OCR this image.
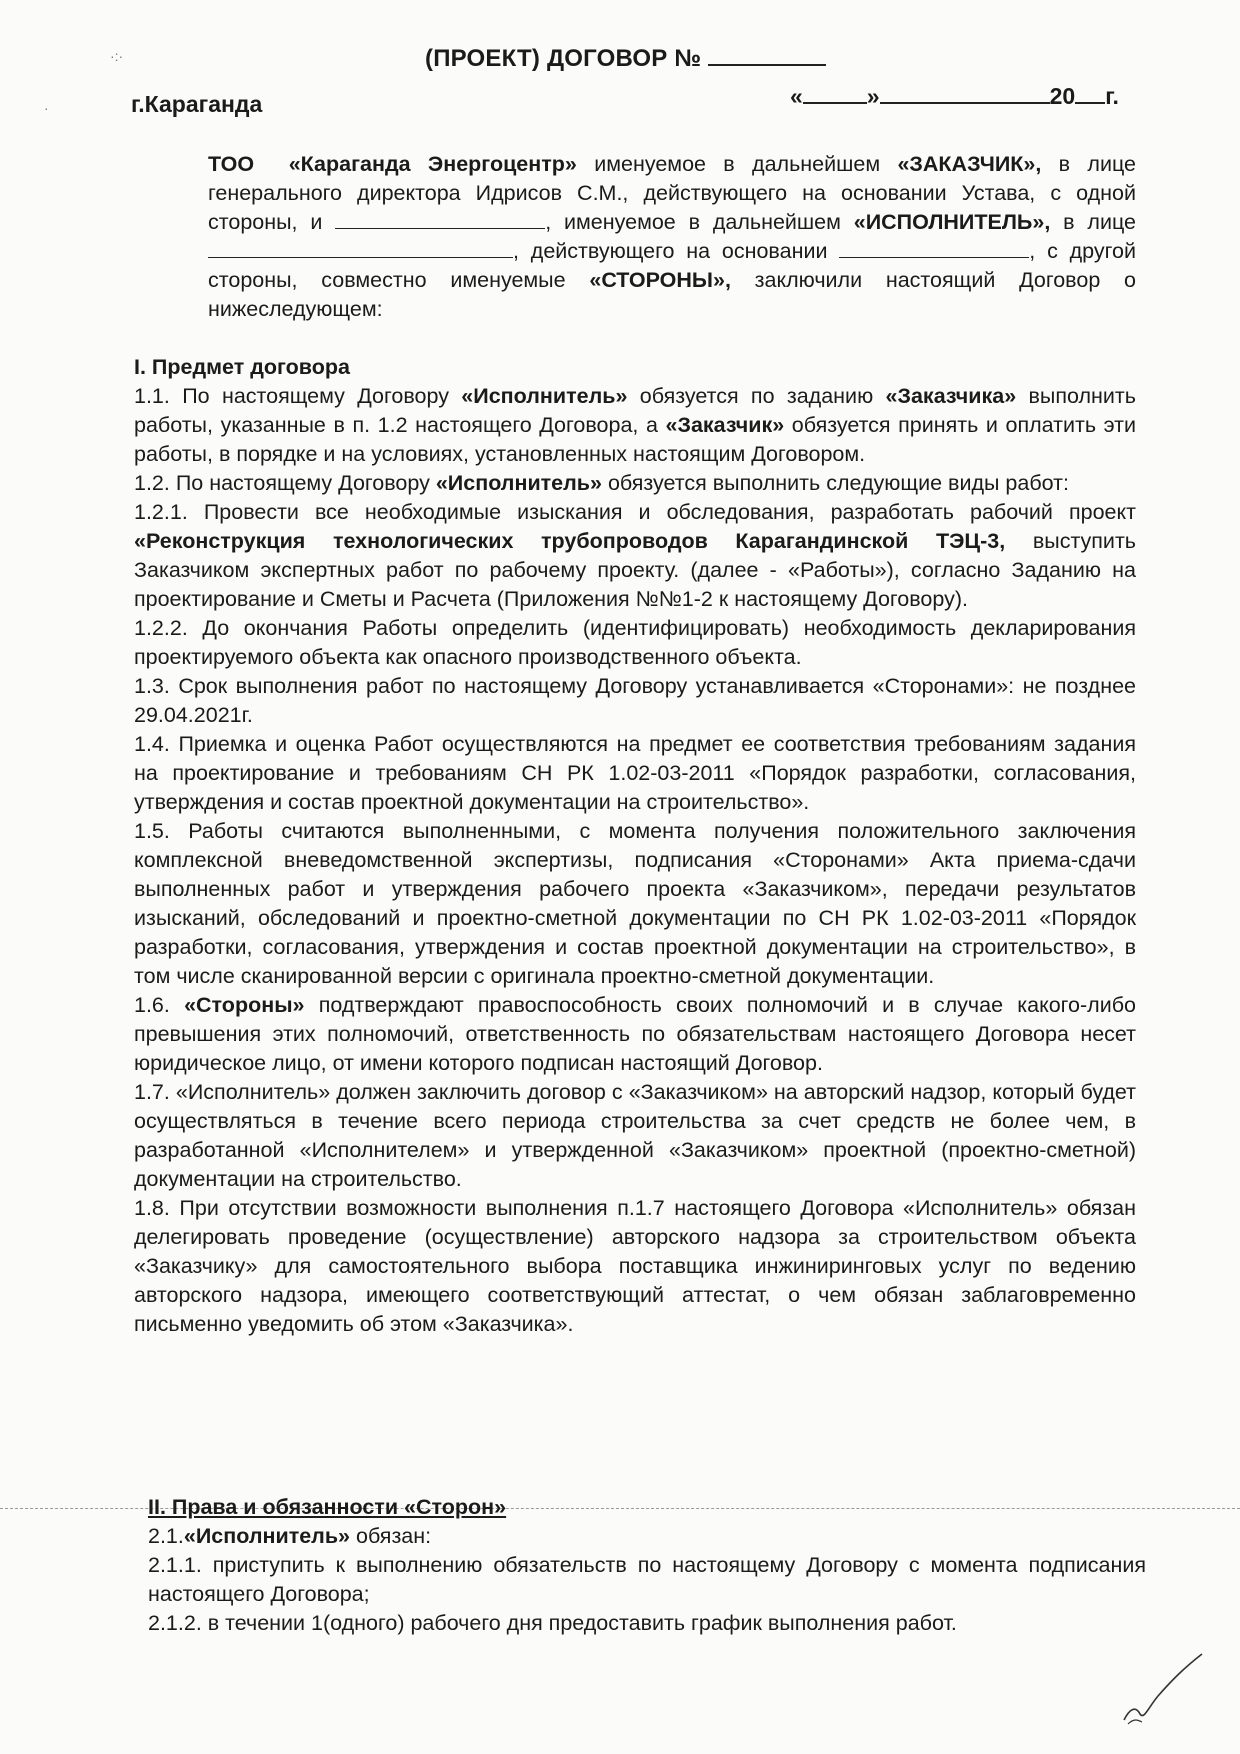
·:·
·
(ПРОЕКТ) ДОГОВОР №
г.Караганда	«	»	20 г.

ТОО «Караганда Энергоцентр» именуемое в дальнейшем «ЗАКАЗЧИК», в лице генерального директора Идрисов С.М., действующего на основании Устава, с одной стороны, и	, именуемое в дальнейшем «ИСПОЛНИТЕЛЬ», в лице , действующего на основании	, с другой стороны, совместно именуемые «СТОРОНЫ», заключили настоящий Договор о нижеследующем:

I. Предмет договора

1.1. По настоящему Договору «Исполнитель» обязуется по заданию «Заказчика» выполнить работы, указанные в п. 1.2 настоящего Договора, а «Заказчик» обязуется принять и оплатить эти работы, в порядке и на условиях, установленных настоящим Договором.

1.2. По настоящему Договору «Исполнитель» обязуется выполнить следующие виды работ:

1.2.1. Провести все необходимые изыскания и обследования, разработать рабочий проект «Реконструкция технологических трубопроводов Карагандинской ТЭЦ-3, выступить Заказчиком экспертных работ по рабочему проекту. (далее - «Работы»), согласно Заданию на проектирование и Сметы и Расчета (Приложения №№1-2 к настоящему Договору).

1.2.2. До окончания Работы определить (идентифицировать) необходимость декларирования проектируемого объекта как опасного производственного объекта.

1.3. Срок выполнения работ по настоящему Договору устанавливается «Сторонами»: не позднее 29.04.2021г.

1.4. Приемка и оценка Работ осуществляются на предмет ее соответствия требованиям задания на проектирование и требованиям СН РК 1.02-03-2011 «Порядок разработки, согласования, утверждения и состав проектной документации на строительство».

1.5. Работы считаются выполненными, с момента получения положительного заключения комплексной вневедомственной экспертизы, подписания «Сторонами» Акта приема-сдачи выполненных работ и утверждения рабочего проекта «Заказчиком», передачи результатов изысканий, обследований и проектно-сметной документации по СН РК 1.02-03-2011 «Порядок разработки, согласования, утверждения и состав проектной документации на строительство», в том числе сканированной версии с оригинала проектно-сметной документации.

1.6. «Стороны» подтверждают правоспособность своих полномочий и в случае какого-либо превышения этих полномочий, ответственность по обязательствам настоящего Договора несет юридическое лицо, от имени которого подписан настоящий Договор.

1.7. «Исполнитель» должен заключить договор с «Заказчиком» на авторский надзор, который будет осуществляться в течение всего периода строительства за счет средств не более чем, в разработанной «Исполнителем» и утвержденной «Заказчиком» проектной (проектно-сметной) документации на строительство.

1.8. При отсутствии возможности выполнения п.1.7 настоящего Договора «Исполнитель» обязан делегировать проведение (осуществление) авторского надзора за строительством объекта «Заказчику» для самостоятельного выбора поставщика инжиниринговых услуг по ведению авторского надзора, имеющего соответствующий аттестат, о чем обязан заблаговременно письменно уведомить об этом «Заказчика».

II. Права и обязанности «Сторон»

2.1.«Исполнитель» обязан:

2.1.1. приступить к выполнению обязательств по настоящему Договору с момента подписания настоящего Договора;

2.1.2. в течении 1(одного) рабочего дня предоставить график выполнения работ.
